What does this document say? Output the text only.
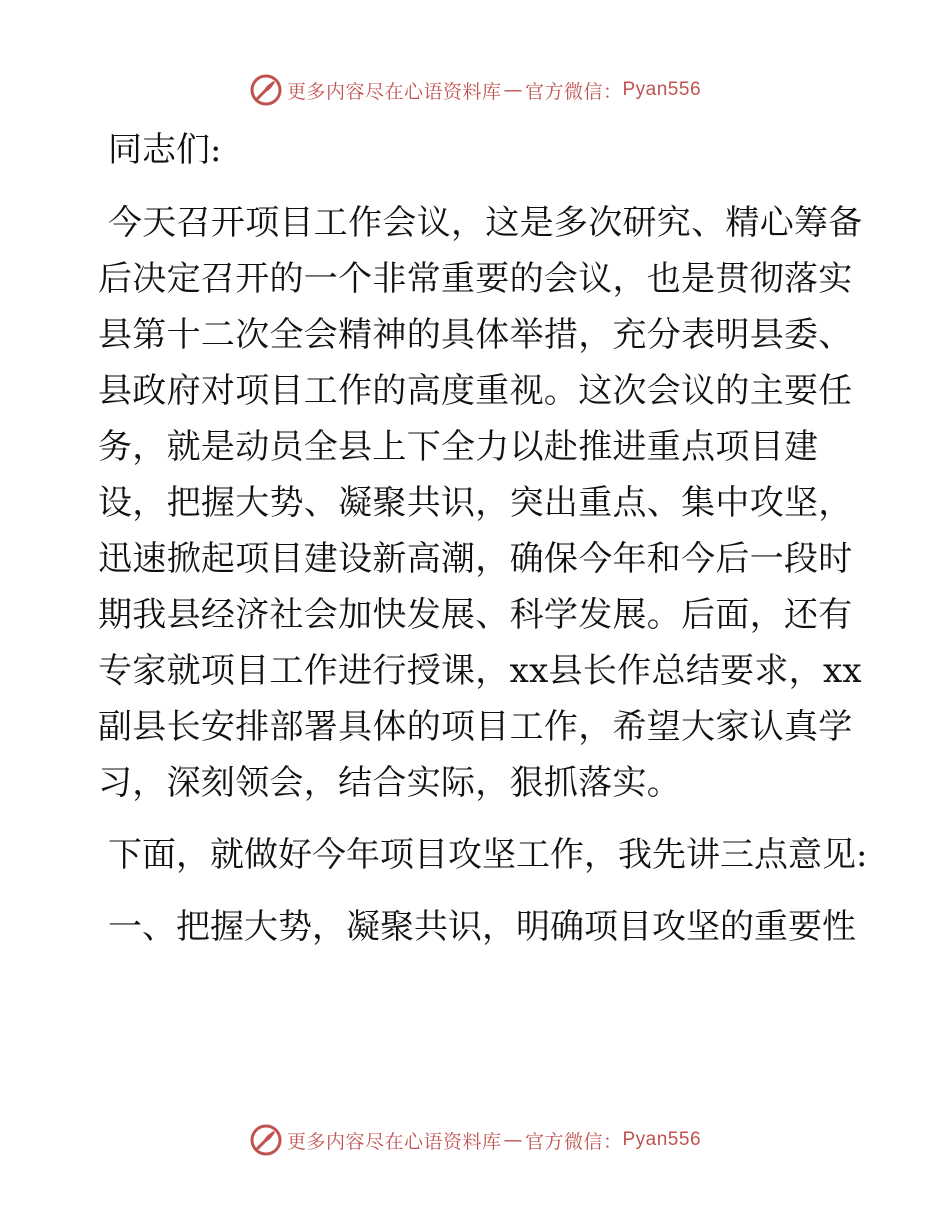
更多内容尽在心语资料库 — 官方微信： Pyan556

同志们:

今天召开项目工作会议，这是多次研究、精心筹备后决定召开的一个非常重要的会议，也是贯彻落实县第十二次全会精神的具体举措，充分表明县委、县政府对项目工作的高度重视。这次会议的主要任务，就是动员全县上下全力以赴推进重点项目建设，把握大势、凝聚共识，突出重点、集中攻坚，迅速掀起项目建设新高潮，确保今年和今后一段时期我县经济社会加快发展、科学发展。后面，还有专家就项目工作进行授课，xx县长作总结要求，xx副县长安排部署具体的项目工作，希望大家认真学习，深刻领会，结合实际，狠抓落实。

下面，就做好今年项目攻坚工作，我先讲三点意见:

一、把握大势，凝聚共识，明确项目攻坚的重要性

更多内容尽在心语资料库 — 官方微信： Pyan556
